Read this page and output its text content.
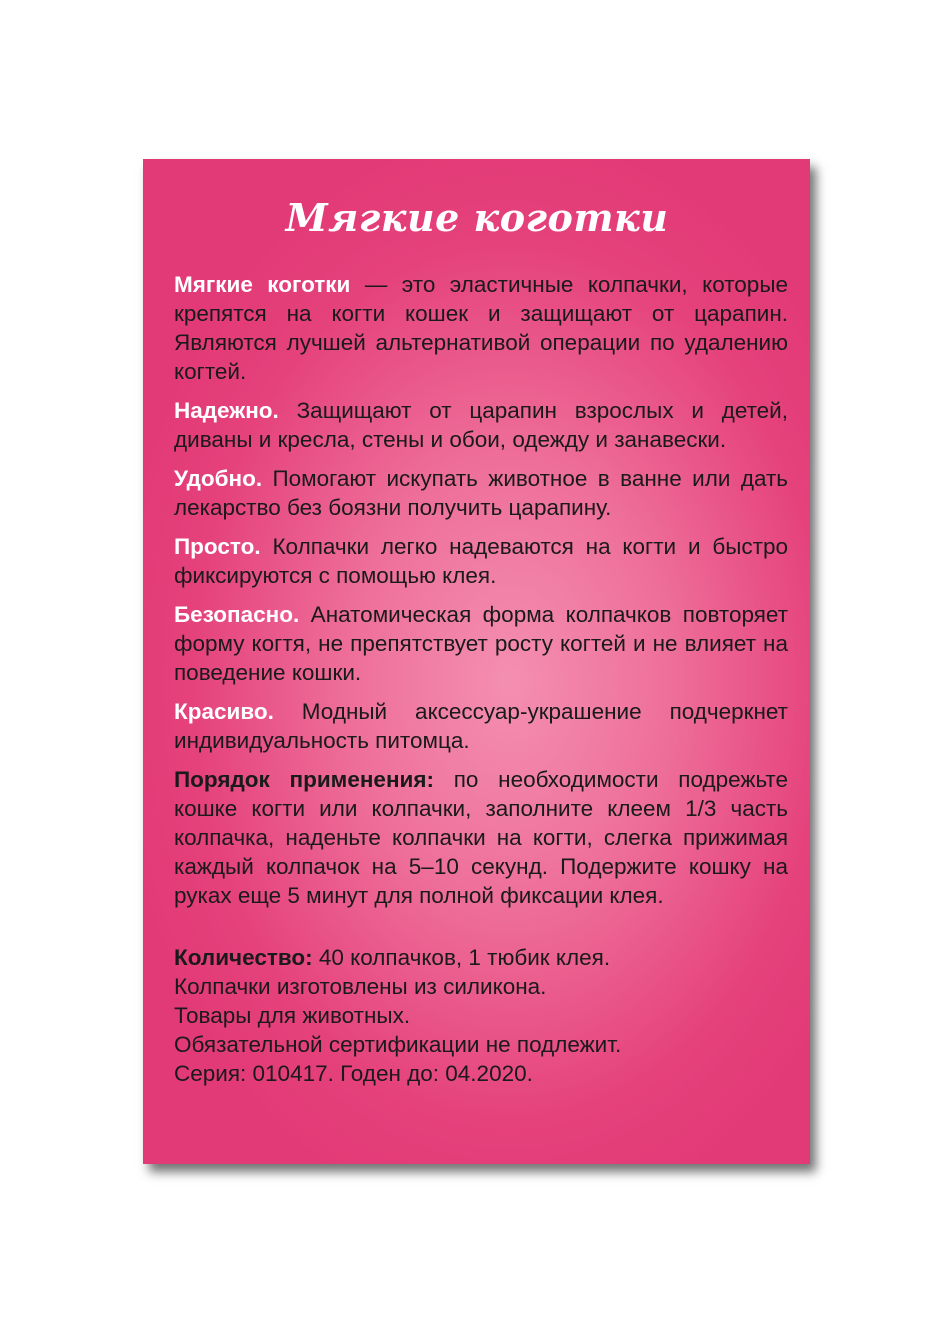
Мягкие коготки

Мягкие коготки — это эластичные колпачки, которые крепятся на когти кошек и защищают от царапин. Являются лучшей альтернативой операции по удалению когтей.

Надежно. Защищают от царапин взрослых и детей, диваны и кресла, стены и обои, одежду и занавески.

Удобно. Помогают искупать животное в ванне или дать лекарство без боязни получить царапину.

Просто. Колпачки легко надеваются на когти и быстро фиксируются с помощью клея.

Безопасно. Анатомическая форма колпачков повторяет форму когтя, не препятствует росту когтей и не влияет на поведение кошки.

Красиво. Модный аксессуар-украшение подчеркнет индивидуальность питомца.

Порядок применения: по необходимости подрежьте кошке когти или колпачки, заполните клеем 1/3 часть колпачка, наденьте колпачки на когти, слегка прижимая каждый колпачок на 5–10 секунд. Подержите кошку на руках еще 5 минут для полной фиксации клея.

Количество: 40 колпачков, 1 тюбик клея.
Колпачки изготовлены из силикона.
Товары для животных.
Обязательной сертификации не подлежит.
Серия: 010417. Годен до: 04.2020.
